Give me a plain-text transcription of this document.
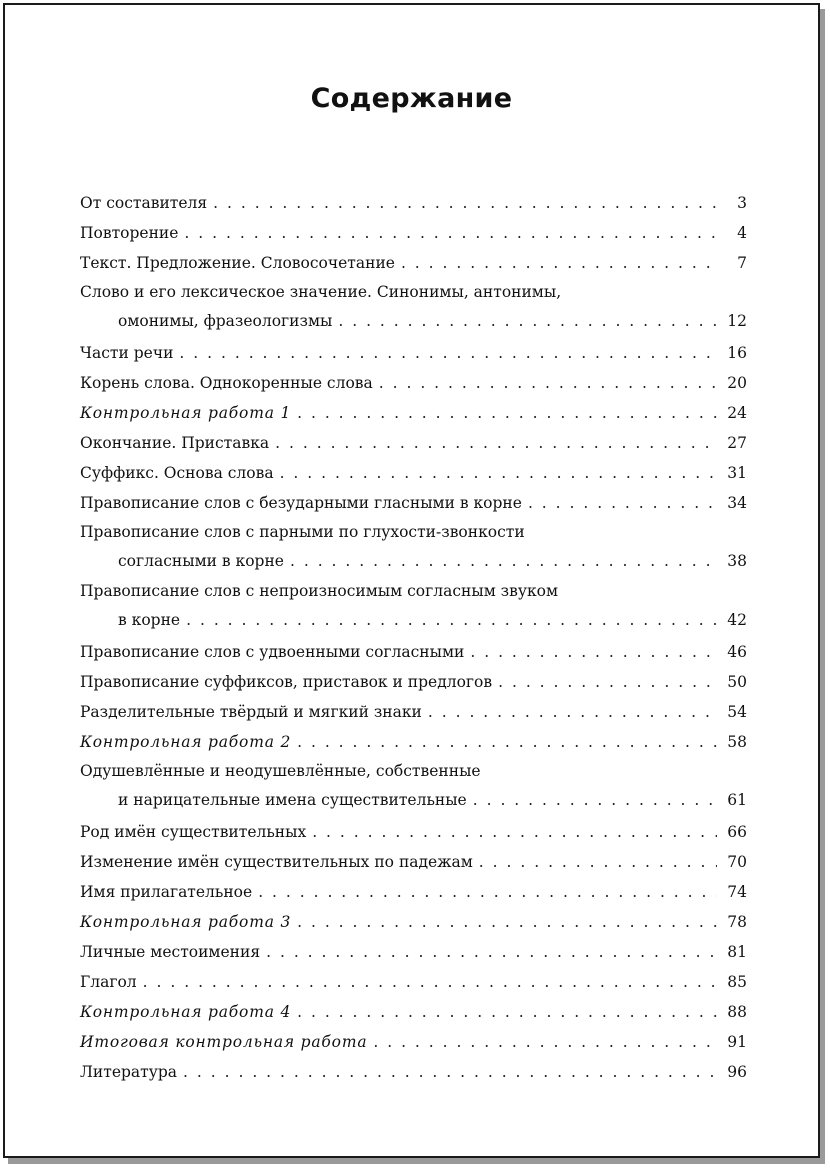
Содержание
От составителя . . .	3
Повторение . . .	4
Текст. Предложение. Словосочетание . . .	7
Слово и его лексическое значение. Синонимы, антонимы,
омонимы, фразеологизмы . . .	12
Части речи . . .	16
Корень слова. Однокоренные слова . . .	20
Контрольная работа 1 . . .	24
Окончание. Приставка . . .	27
Суффикс. Основа слова . . .	31
Правописание слов с безударными гласными в корне . . .	34
Правописание слов с парными по глухости-звонкости
согласными в корне . . .	38
Правописание слов с непроизносимым согласным звуком
в корне . . .	42
Правописание слов с удвоенными согласными . . .	46
Правописание суффиксов, приставок и предлогов . . .	50
Разделительные твёрдый и мягкий знаки . . .	54
Контрольная работа 2 . . .	58
Одушевлённые и неодушевлённые, собственные
и нарицательные имена существительные . . .	61
Род имён существительных . . .	66
Изменение имён существительных по падежам . . .	70
Имя прилагательное . . .	74
Контрольная работа 3 . . .	78
Личные местоимения . . .	81
Глагол . . .	85
Контрольная работа 4 . . .	88
Итоговая контрольная работа . . .	91
Литература . . .	96
